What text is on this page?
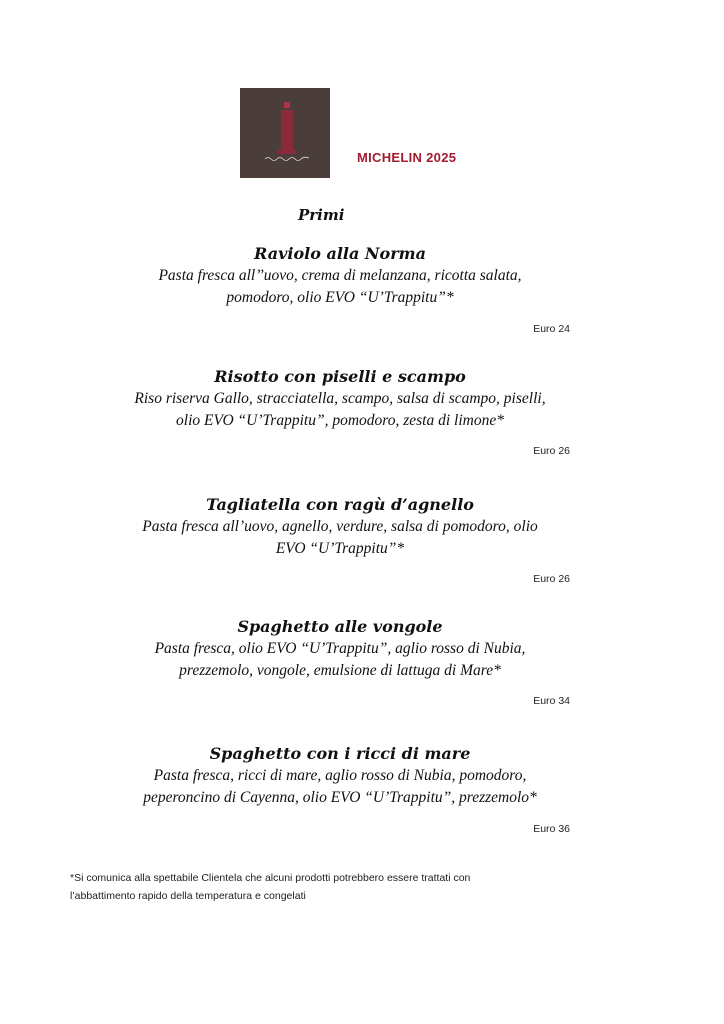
MICHELIN 2025
Primi
Raviolo alla Norma

Pasta fresca all’’uovo, crema di melanzana, ricotta salata,

pomodoro, olio EVO “U’Trappitu”*

Euro 24
Risotto con piselli e scampo

Riso riserva Gallo, stracciatella, scampo, salsa di scampo, piselli,

olio EVO “U’Trappitu”, pomodoro, zesta di limone*

Euro 26
Tagliatella con ragù d’agnello

Pasta fresca all’uovo, agnello, verdure, salsa di pomodoro, olio

EVO “U’Trappitu”*

Euro 26
Spaghetto alle vongole

Pasta fresca, olio EVO “U’Trappitu”, aglio rosso di Nubia,

prezzemolo, vongole, emulsione di lattuga di Mare*

Euro 34
Spaghetto con i ricci di mare

Pasta fresca, ricci di mare, aglio rosso di Nubia, pomodoro,

peperoncino di Cayenna, olio EVO “U’Trappitu”, prezzemolo*

Euro 36

*Si comunica alla spettabile Clientela che alcuni prodotti potrebbero essere trattati con

l’abbattimento rapido della temperatura e congelati
